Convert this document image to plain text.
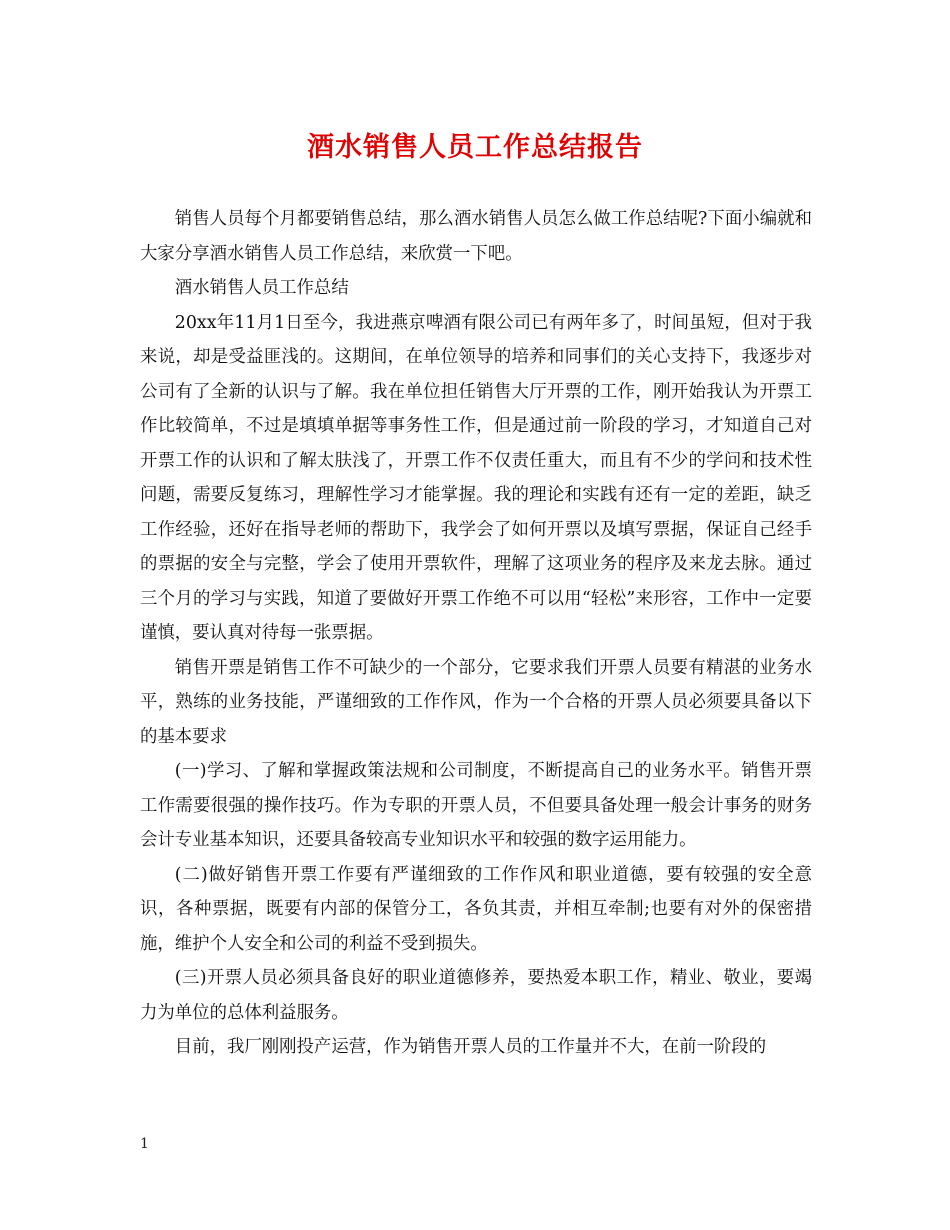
酒水销售人员工作总结报告

销售人员每个月都要销售总结，那么酒水销售人员怎么做工作总结呢?下面小编就和大家分享酒水销售人员工作总结，来欣赏一下吧。

酒水销售人员工作总结

20xx年11月1日至今，我进燕京啤酒有限公司已有两年多了，时间虽短，但对于我来说，却是受益匪浅的。这期间，在单位领导的培养和同事们的关心支持下，我逐步对公司有了全新的认识与了解。我在单位担任销售大厅开票的工作，刚开始我认为开票工作比较简单，不过是填填单据等事务性工作，但是通过前一阶段的学习，才知道自己对开票工作的认识和了解太肤浅了，开票工作不仅责任重大，而且有不少的学问和技术性问题，需要反复练习，理解性学习才能掌握。我的理论和实践有还有一定的差距，缺乏工作经验，还好在指导老师的帮助下，我学会了如何开票以及填写票据，保证自己经手的票据的安全与完整，学会了使用开票软件，理解了这项业务的程序及来龙去脉。通过三个月的学习与实践，知道了要做好开票工作绝不可以用“轻松”来形容，工作中一定要谨慎，要认真对待每一张票据。

销售开票是销售工作不可缺少的一个部分，它要求我们开票人员要有精湛的业务水平，熟练的业务技能，严谨细致的工作作风，作为一个合格的开票人员必须要具备以下的基本要求

(一)学习、了解和掌握政策法规和公司制度，不断提高自己的业务水平。销售开票工作需要很强的操作技巧。作为专职的开票人员，不但要具备处理一般会计事务的财务会计专业基本知识，还要具备较高专业知识水平和较强的数字运用能力。

(二)做好销售开票工作要有严谨细致的工作作风和职业道德，要有较强的安全意识，各种票据，既要有内部的保管分工，各负其责，并相互牵制;也要有对外的保密措施，维护个人安全和公司的利益不受到损失。

(三)开票人员必须具备良好的职业道德修养，要热爱本职工作，精业、敬业，要竭力为单位的总体利益服务。

目前，我厂刚刚投产运营，作为销售开票人员的工作量并不大，在前一阶段的

1
